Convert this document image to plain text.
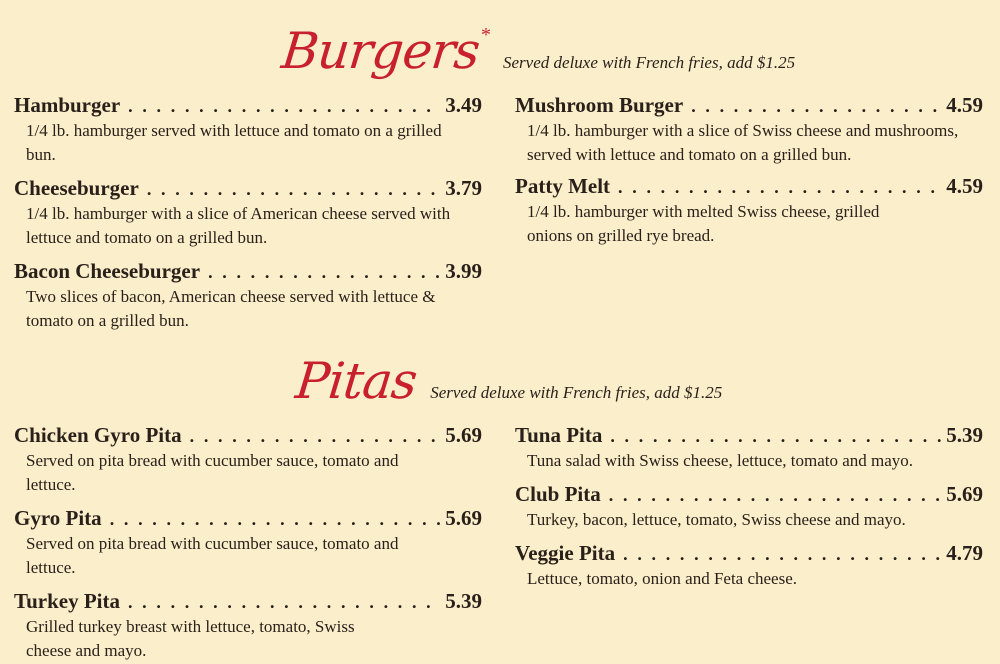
Burgers* Served deluxe with French fries, add $1.25
Hamburger . . .	3.49
1/4 lb. hamburger served with lettuce and tomato on a grilled bun.
Cheeseburger . . .	3.79
1/4 lb. hamburger with a slice of American cheese served with lettuce and tomato on a grilled bun.
Bacon Cheeseburger . . .	3.99
Two slices of bacon, American cheese served with lettuce & tomato on a grilled bun.
Mushroom Burger . . .	4.59
1/4 lb. hamburger with a slice of Swiss cheese and mushrooms, served with lettuce and tomato on a grilled bun.
Patty Melt . . .	4.59
1/4 lb. hamburger with melted Swiss cheese, grilled onions on grilled rye bread.
Pitas Served deluxe with French fries, add $1.25
Chicken Gyro Pita . . .	5.69
Served on pita bread with cucumber sauce, tomato and lettuce.
Gyro Pita . . .	5.69
Served on pita bread with cucumber sauce, tomato and lettuce.
Turkey Pita . . .	5.39
Grilled turkey breast with lettuce, tomato, Swiss cheese and mayo.
Tuna Pita . . .	5.39
Tuna salad with Swiss cheese, lettuce, tomato and mayo.
Club Pita . . .	5.69
Turkey, bacon, lettuce, tomato, Swiss cheese and mayo.
Veggie Pita . . .	4.79
Lettuce, tomato, onion and Feta cheese.
